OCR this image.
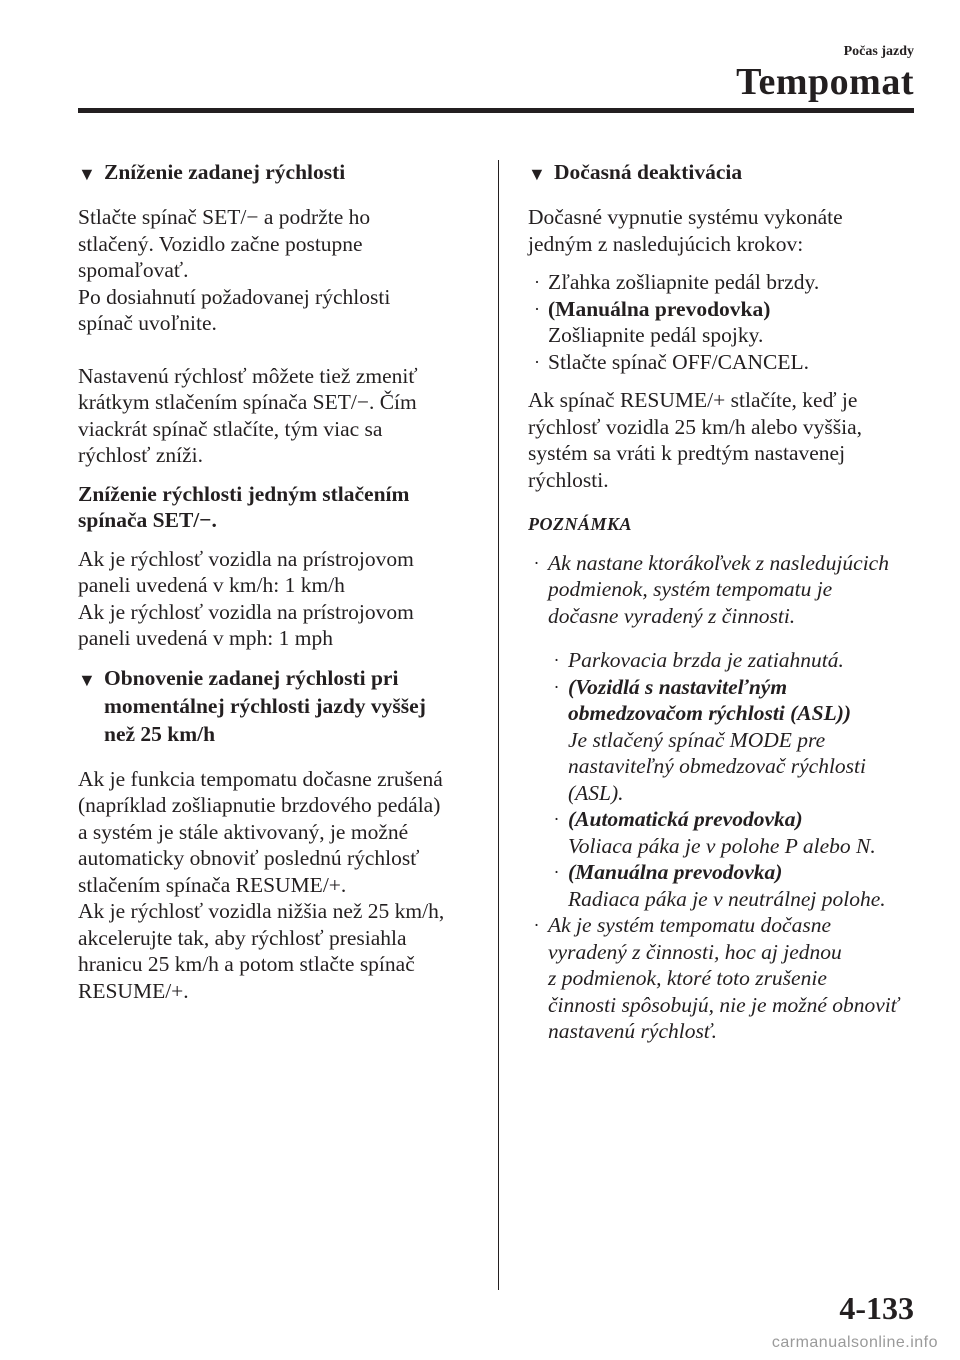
Počas jazdy
Tempomat
▼ Zníženie zadanej rýchlosti
Stlačte spínač SET/− a podržte ho
stlačený. Vozidlo začne postupne
spomaľovať.
Po dosiahnutí požadovanej rýchlosti
spínač uvoľnite.
Nastavenú rýchlosť môžete tiež zmeniť
krátkym stlačením spínača SET/−. Čím
viackrát spínač stlačíte, tým viac sa
rýchlosť zníži.
Zníženie rýchlosti jedným stlačením
spínača SET/−.
Ak je rýchlosť vozidla na prístrojovom
paneli uvedená v km/h: 1 km/h
Ak je rýchlosť vozidla na prístrojovom
paneli uvedená v mph: 1 mph
▼ Obnovenie zadanej rýchlosti pri
momentálnej rýchlosti jazdy vyššej
než 25 km/h
Ak je funkcia tempomatu dočasne zrušená
(napríklad zošliapnutie brzdového pedála)
a systém je stále aktivovaný, je možné
automaticky obnoviť poslednú rýchlosť
stlačením spínača RESUME/+.
Ak je rýchlosť vozidla nižšia než 25 km/h,
akcelerujte tak, aby rýchlosť presiahla
hranicu 25 km/h a potom stlačte spínač
RESUME/+.
▼ Dočasná deaktivácia
Dočasné vypnutie systému vykonáte
jedným z nasledujúcich krokov:
· Zľahka zošliapnite pedál brzdy.
· (Manuálna prevodovka)
Zošliapnite pedál spojky.
· Stlačte spínač OFF/CANCEL.
Ak spínač RESUME/+ stlačíte, keď je
rýchlosť vozidla 25 km/h alebo vyššia,
systém sa vráti k predtým nastavenej
rýchlosti.
POZNÁMKA
· Ak nastane ktorákoľvek z nasledujúcich
podmienok, systém tempomatu je
dočasne vyradený z činnosti.
· Parkovacia brzda je zatiahnutá.
· (Vozidlá s nastaviteľným
obmedzovačom rýchlosti (ASL))
Je stlačený spínač MODE pre
nastaviteľný obmedzovač rýchlosti
(ASL).
· (Automatická prevodovka)
Voliaca páka je v polohe P alebo N.
· (Manuálna prevodovka)
Radiaca páka je v neutrálnej polohe.
· Ak je systém tempomatu dočasne
vyradený z činnosti, hoc aj jednou
z podmienok, ktoré toto zrušenie
činnosti spôsobujú, nie je možné obnoviť
nastavenú rýchlosť.
4-133
carmanualsonline.info
